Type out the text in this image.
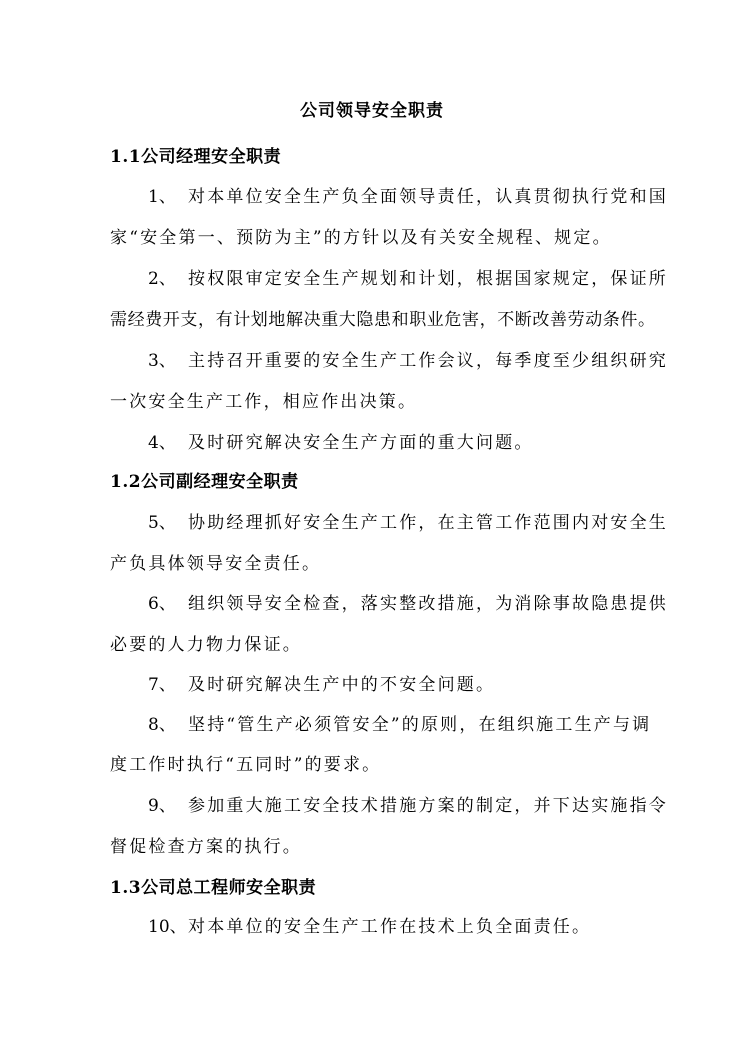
公司领导安全职责
1.1公司经理安全职责
1、 对本单位安全生产负全面领导责任，认真贯彻执行党和国
家“安全第一、预防为主”的方针以及有关安全规程、规定。
2、 按权限审定安全生产规划和计划，根据国家规定，保证所
需经费开支，有计划地解决重大隐患和职业危害，不断改善劳动条件。
3、 主持召开重要的安全生产工作会议，每季度至少组织研究
一次安全生产工作，相应作出决策。
4、 及时研究解决安全生产方面的重大问题。
1.2公司副经理安全职责
5、 协助经理抓好安全生产工作，在主管工作范围内对安全生
产负具体领导安全责任。
6、 组织领导安全检查，落实整改措施，为消除事故隐患提供
必要的人力物力保证。
7、 及时研究解决生产中的不安全问题。
8、 坚持“管生产必须管安全”的原则，在组织施工生产与调
度工作时执行“五同时”的要求。
9、 参加重大施工安全技术措施方案的制定，并下达实施指令
督促检查方案的执行。
1.3公司总工程师安全职责
10、对本单位的安全生产工作在技术上负全面责任。
